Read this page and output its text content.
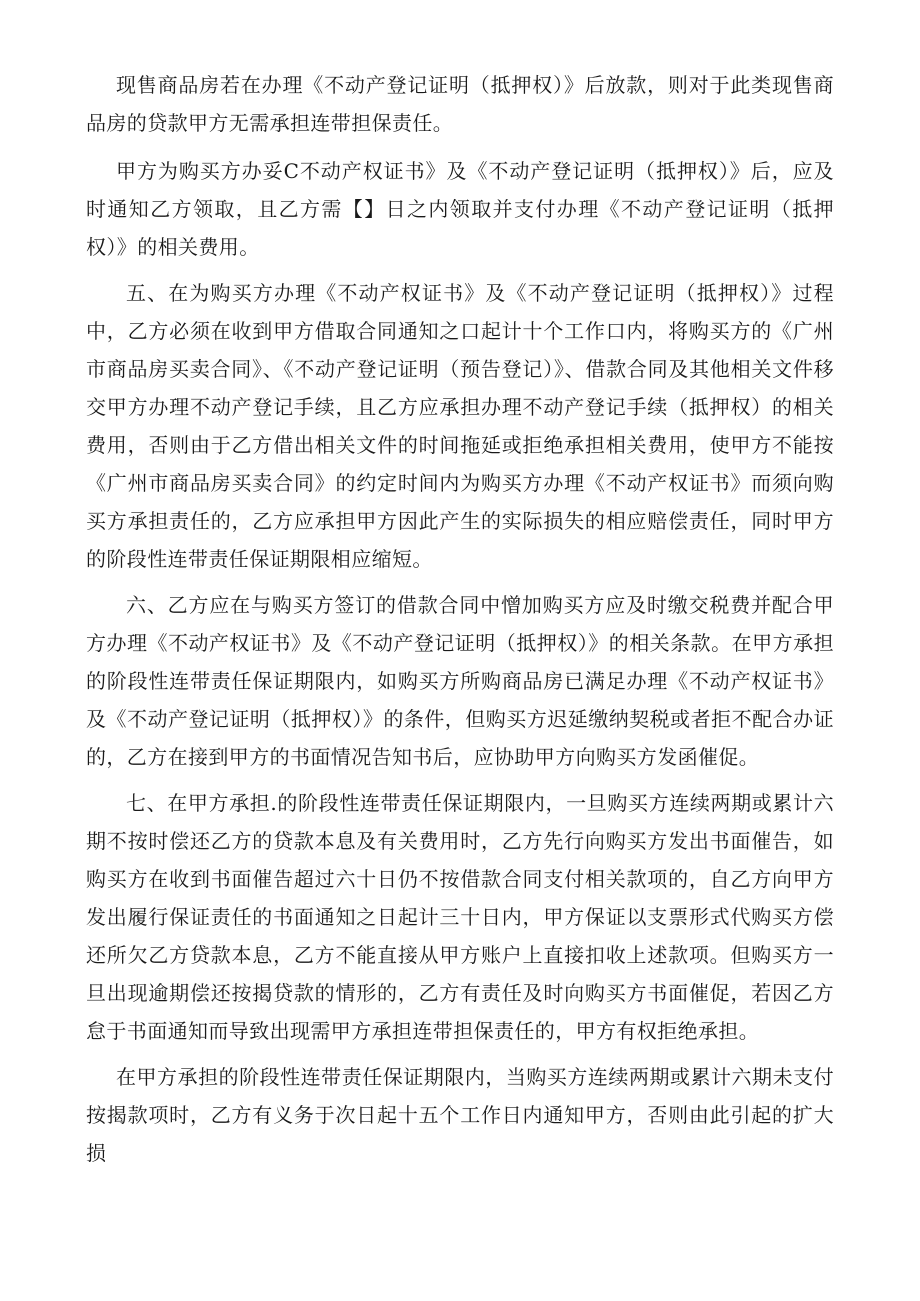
现售商品房若在办理《不动产登记证明（抵押权）》后放款，则对于此类现售商品房的贷款甲方无需承担连带担保责任。

甲方为购买方办妥C不动产权证书》及《不动产登记证明（抵押权）》后，应及时通知乙方领取，且乙方需【】日之内领取并支付办理《不动产登记证明（抵押权）》的相关费用。

五、在为购买方办理《不动产权证书》及《不动产登记证明（抵押权）》过程中，乙方必须在收到甲方借取合同通知之口起计十个工作口内，将购买方的《广州市商品房买卖合同》、《不动产登记证明（预告登记）》、借款合同及其他相关文件移交甲方办理不动产登记手续，且乙方应承担办理不动产登记手续（抵押权）的相关费用，否则由于乙方借出相关文件的时间拖延或拒绝承担相关费用，使甲方不能按《广州市商品房买卖合同》的约定时间内为购买方办理《不动产权证书》而须向购买方承担责任的，乙方应承担甲方因此产生的实际损失的相应赔偿责任，同时甲方的阶段性连带责任保证期限相应缩短。

六、乙方应在与购买方签订的借款合同中憎加购买方应及时缴交税费并配合甲方办理《不动产权证书》及《不动产登记证明（抵押权）》的相关条款。在甲方承担的阶段性连带责任保证期限内，如购买方所购商品房已满足办理《不动产权证书》及《不动产登记证明（抵押权）》的条件，但购买方迟延缴纳契税或者拒不配合办证的，乙方在接到甲方的书面情况告知书后，应协助甲方向购买方发函催促。

七、在甲方承担.的阶段性连带责任保证期限内，一旦购买方连续两期或累计六期不按时偿还乙方的贷款本息及有关费用时，乙方先行向购买方发出书面催告，如购买方在收到书面催告超过六十日仍不按借款合同支付相关款项的，自乙方向甲方发出履行保证责任的书面通知之日起计三十日内，甲方保证以支票形式代购买方偿还所欠乙方贷款本息，乙方不能直接从甲方账户上直接扣收上述款项。但购买方一旦出现逾期偿还按揭贷款的情形的，乙方有责任及时向购买方书面催促，若因乙方怠于书面通知而导致出现需甲方承担连带担保责任的，甲方有权拒绝承担。

在甲方承担的阶段性连带责任保证期限内，当购买方连续两期或累计六期未支付按揭款项时，乙方有义务于次日起十五个工作日内通知甲方，否则由此引起的扩大损
